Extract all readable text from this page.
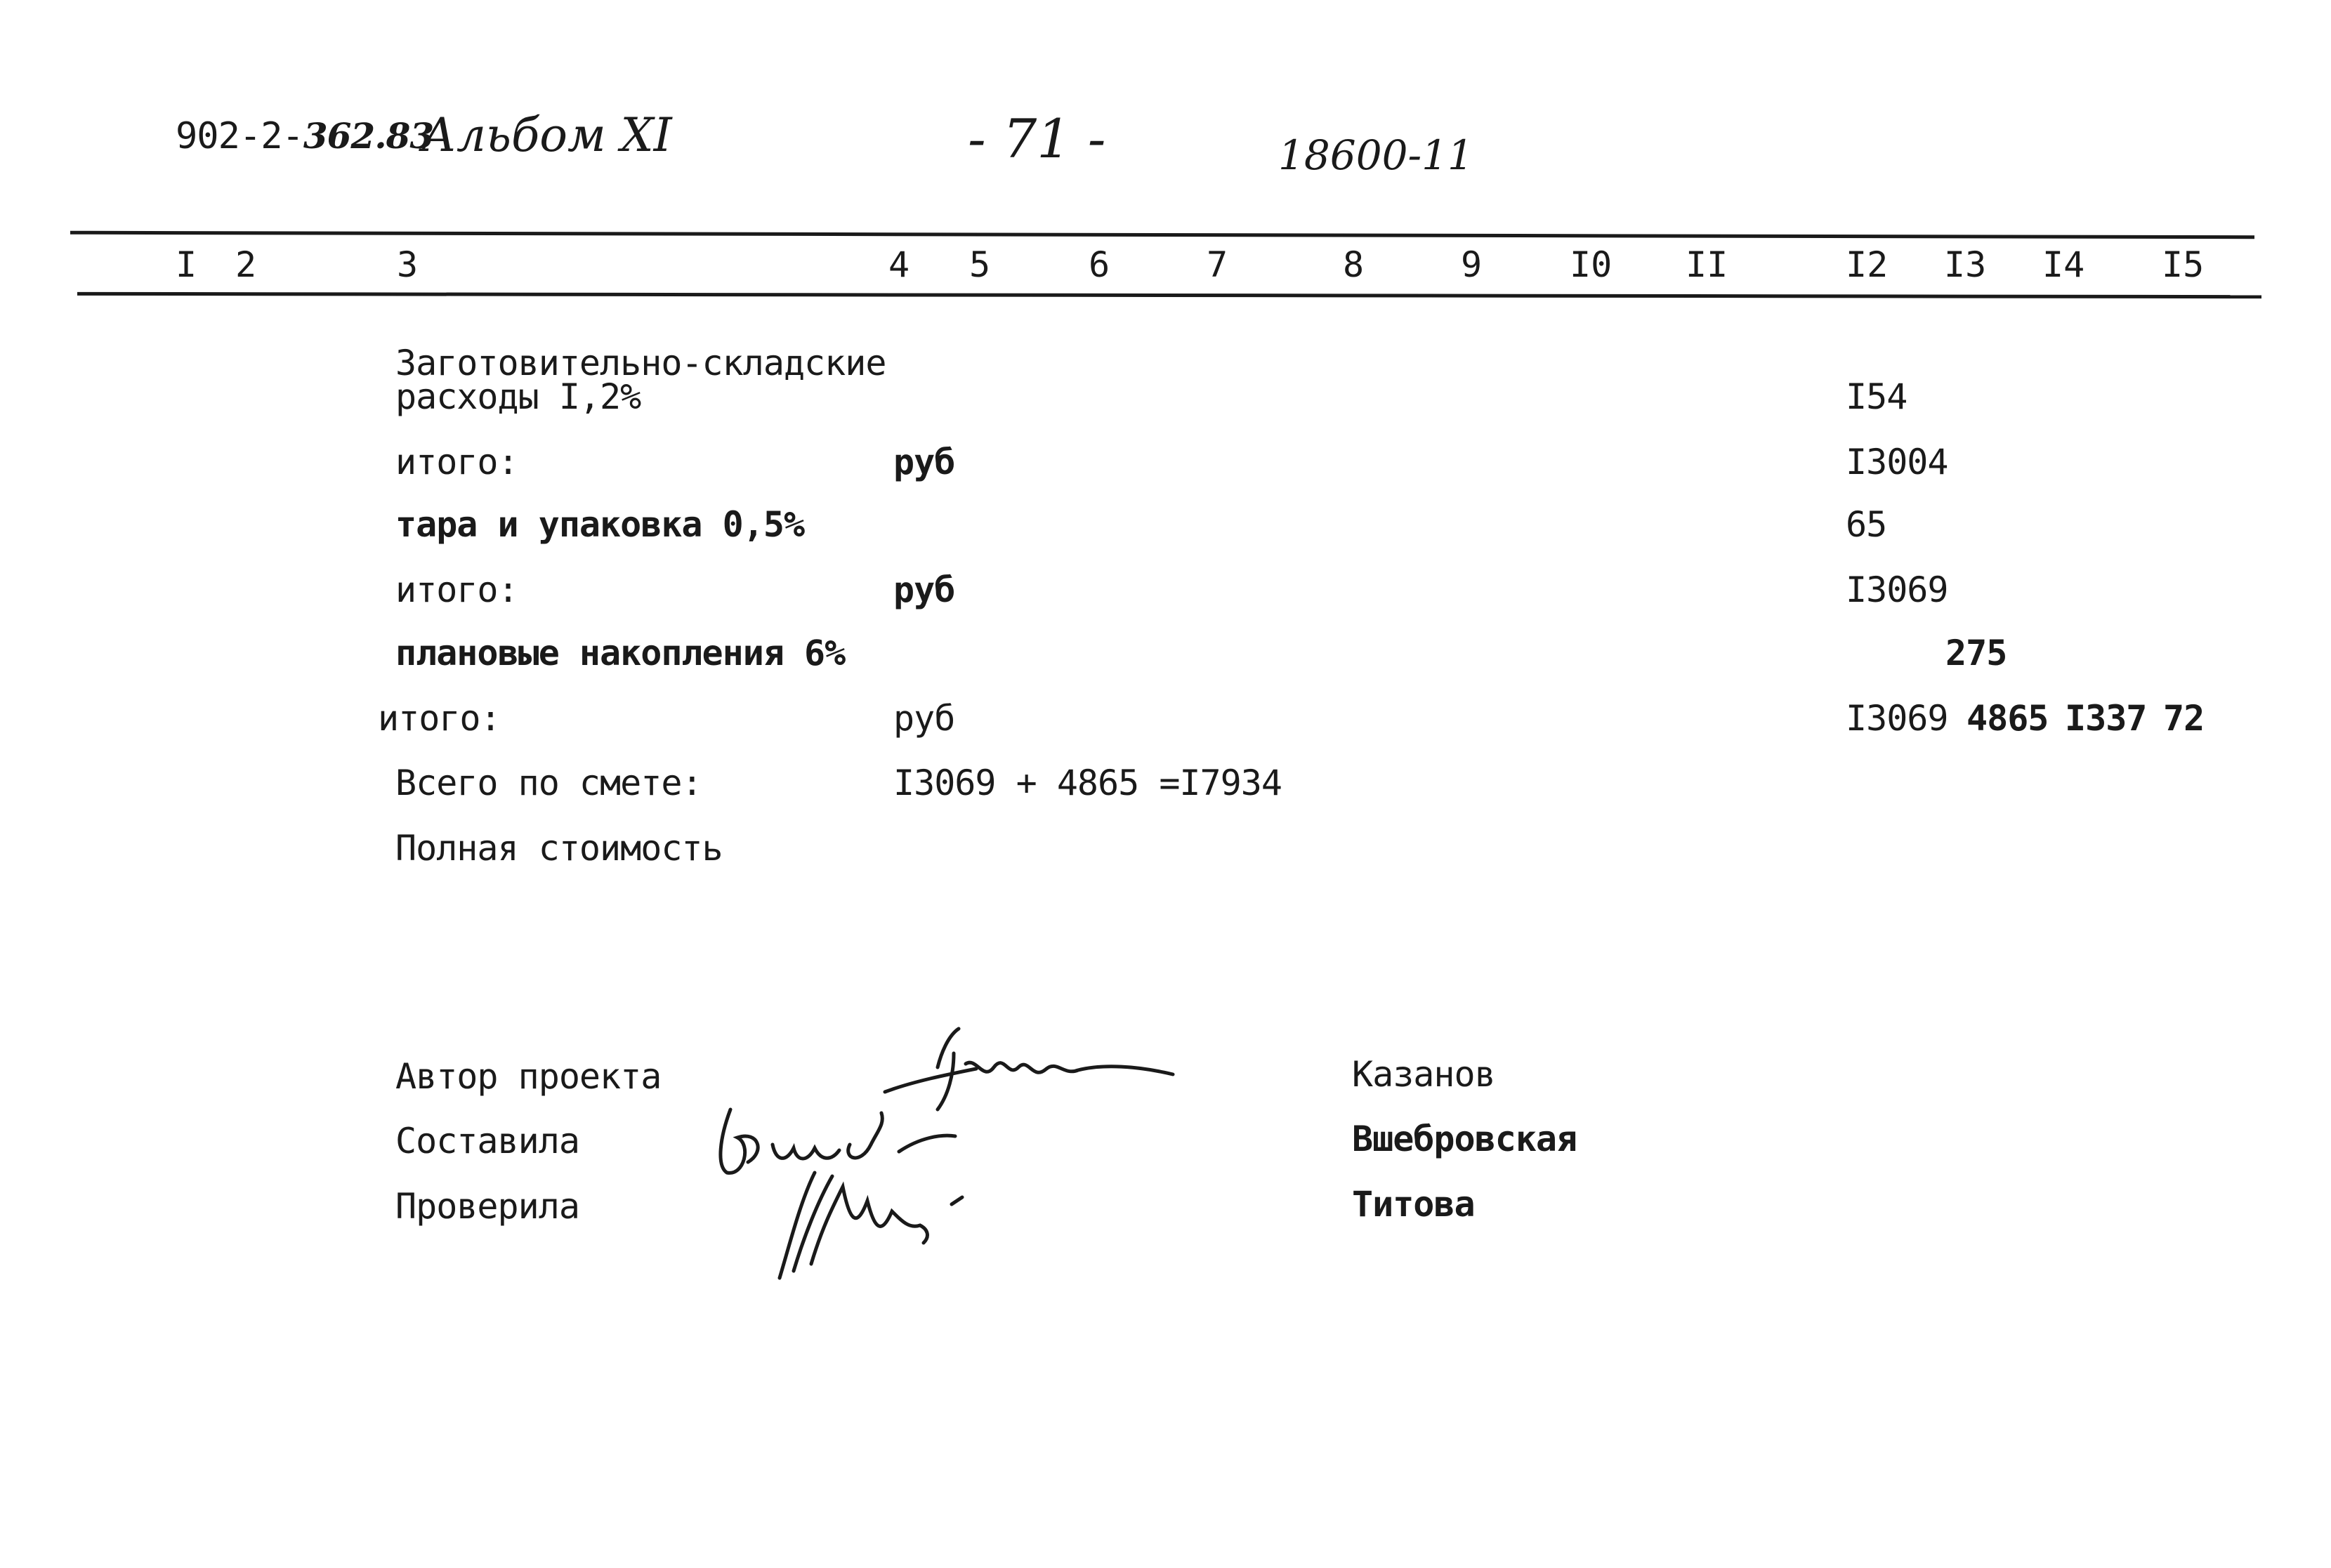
902-2-362.83
Альбом XI	- 71 -	18600-11
I 2	3	4 5	6	7	8	9 I0 II	I2 I3 I4 I5
Заготовительно-складские
расходы I,2%	I54
итого:	руб	I3004
тара и упаковка 0,5%	65
итого:	руб	I3069
плановые накопления 6%	275
итого:	руб	I3069 4865 I337 72
Всего по смете:	I3069 + 4865 =I7934
Полная стоимость
Автор проекта
Составила
Проверила
Казанов
Вшебровская
Титова
